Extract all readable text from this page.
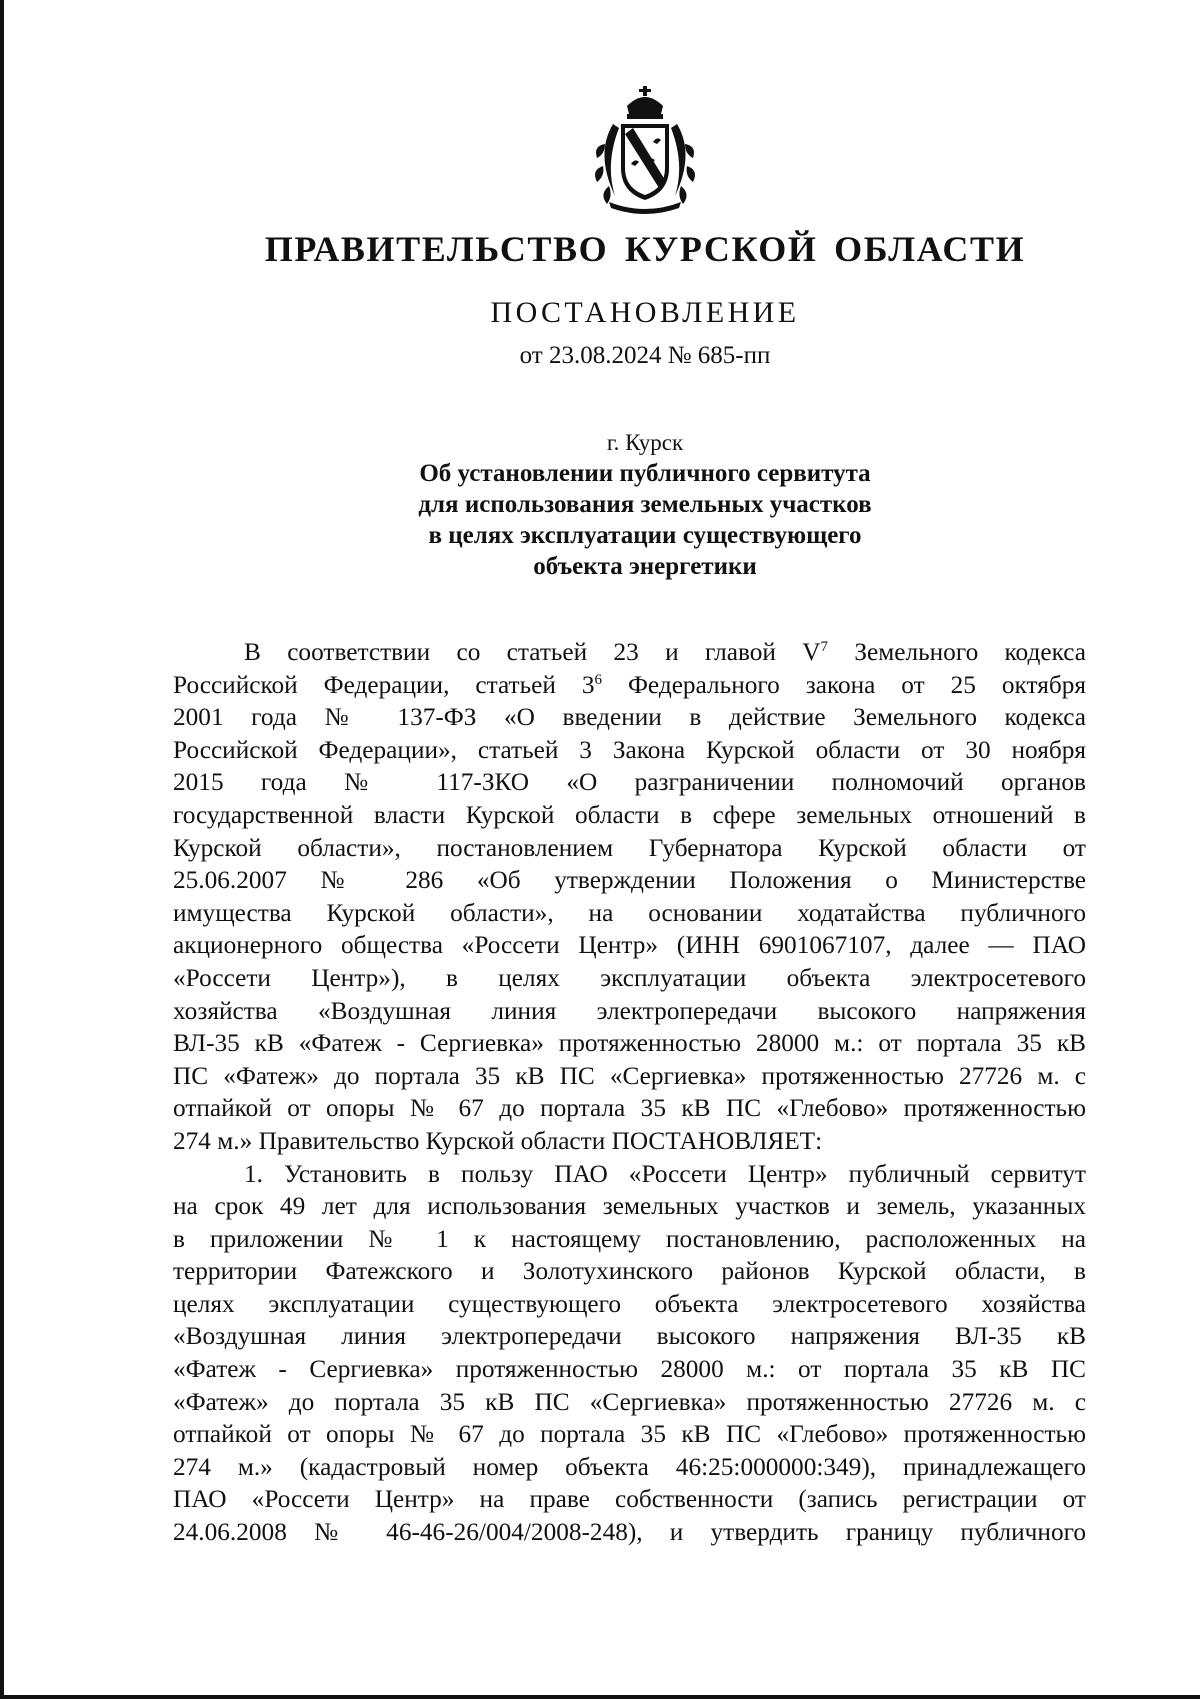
ПРАВИТЕЛЬСТВО КУРСКОЙ ОБЛАСТИ
ПОСТАНОВЛЕНИЕ
от 23.08.2024 № 685-пп
г. Курск
Об установлении публичного сервитута
для использования земельных участков
в целях эксплуатации существующего
объекта энергетики
В соответствии со статьей 23 и главой $V^7$ Земельного кодекса
Российской Федерации, статьей $3^6$ Федерального закона от 25 октября
2001 года № 137-ФЗ «О введении в действие Земельного кодекса
Российской Федерации», статьей 3 Закона Курской области от 30 ноября
2015 года № 117-ЗКО «О разграничении полномочий органов
государственной власти Курской области в сфере земельных отношений в
Курской области», постановлением Губернатора Курской области от
25.06.2007 № 286 «Об утверждении Положения о Министерстве
имущества Курской области», на основании ходатайства публичного
акционерного общества «Россети Центр» (ИНН 6901067107, далее — ПАО
«Россети Центр»), в целях эксплуатации объекта электросетевого
хозяйства «Воздушная линия электропередачи высокого напряжения
ВЛ-35 кВ «Фатеж - Сергиевка» протяженностью 28000 м.: от портала 35 кВ
ПС «Фатеж» до портала 35 кВ ПС «Сергиевка» протяженностью 27726 м. с
отпайкой от опоры № 67 до портала 35 кВ ПС «Глебово» протяженностью
274 м.» Правительство Курской области ПОСТАНОВЛЯЕТ:
1. Установить в пользу ПАО «Россети Центр» публичный сервитут
на срок 49 лет для использования земельных участков и земель, указанных
в приложении № 1 к настоящему постановлению, расположенных на
территории Фатежского и Золотухинского районов Курской области, в
целях эксплуатации существующего объекта электросетевого хозяйства
«Воздушная линия электропередачи высокого напряжения ВЛ-35 кВ
«Фатеж - Сергиевка» протяженностью 28000 м.: от портала 35 кВ ПС
«Фатеж» до портала 35 кВ ПС «Сергиевка» протяженностью 27726 м. с
отпайкой от опоры № 67 до портала 35 кВ ПС «Глебово» протяженностью
274 м.» (кадастровый номер объекта 46:25:000000:349), принадлежащего
ПАО «Россети Центр» на праве собственности (запись регистрации от
24.06.2008 № 46-46-26/004/2008-248), и утвердить границу публичного
